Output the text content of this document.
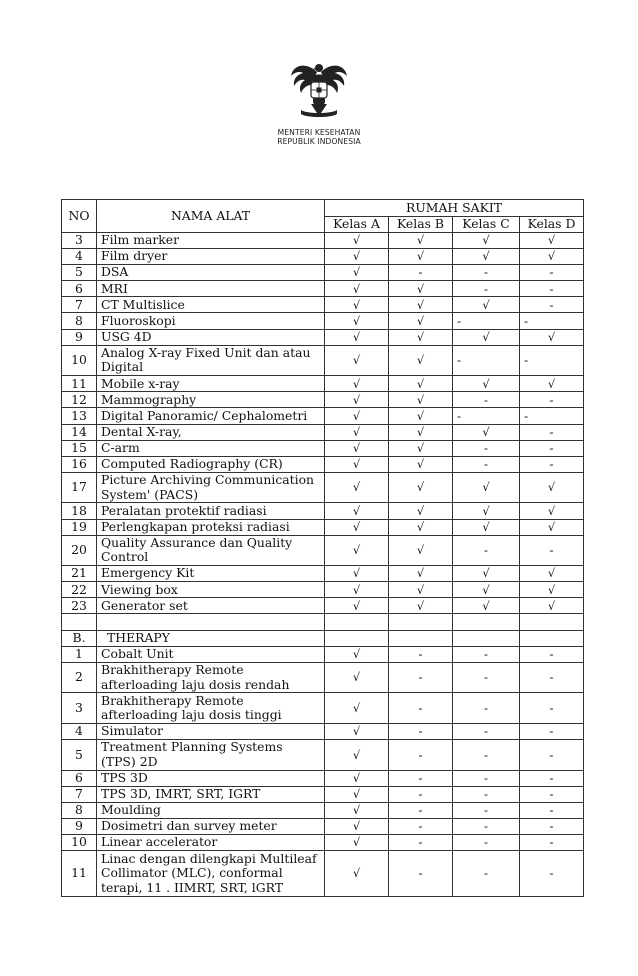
MENTERI KESEHATAN
REPUBLIK INDONESIA
NO	NAMA ALAT	RUMAH SAKIT			
		Kelas A	Kelas B	Kelas C	Kelas D
3	Film marker	√	√	√	√
4	Film dryer	√	√	√	√
5	DSA	√	-	-	-
6	MRI	√	√	-	-
7	CT Multislice	√	√	√	-
8	Fluoroskopi	√	√	-	-
9	USG 4D	√	√	√	√
10	Analog X-ray Fixed Unit dan atau Digital	√	√	-	-
11	Mobile x-ray	√	√	√	√
12	Mammography	√	√	-	-
13	Digital Panoramic/ Cephalometri	√	√	-	-
14	Dental X-ray,	√	√	√	-
15	C-arm	√	√	-	-
16	Computed Radiography (CR)	√	√	-	-
17	Picture Archiving Communication System' (PACS)	√	√	√	√
18	Peralatan protektif radiasi	√	√	√	√
19	Perlengkapan proteksi radiasi	√	√	√	√
20	Quality Assurance dan Quality Control	√	√	-	-
21	Emergency Kit	√	√	√	√
22	Viewing box	√	√	√	√
23	Generator set	√	√	√	√

B.	THERAPY				
1	Cobalt Unit	√	-	-	-
2	Brakhitherapy Remote afterloading laju dosis rendah	√	-	-	-
3	Brakhitherapy Remote afterloading laju dosis tinggi	√	-	-	-
4	Simulator	√	-	-	-
5	Treatment Planning Systems (TPS) 2D	√	-	-	-
6	TPS 3D	√	-	-	-
7	TPS 3D, IMRT, SRT, IGRT	√	-	-	-
8	Moulding	√	-	-	-
9	Dosimetri dan survey meter	√	-	-	-
10	Linear accelerator	√	-	-	-
11	Linac dengan dilengkapi Multileaf Collimator (MLC), conformal terapi, 11 . IIMRT, SRT, lGRT	√	-	-	-
